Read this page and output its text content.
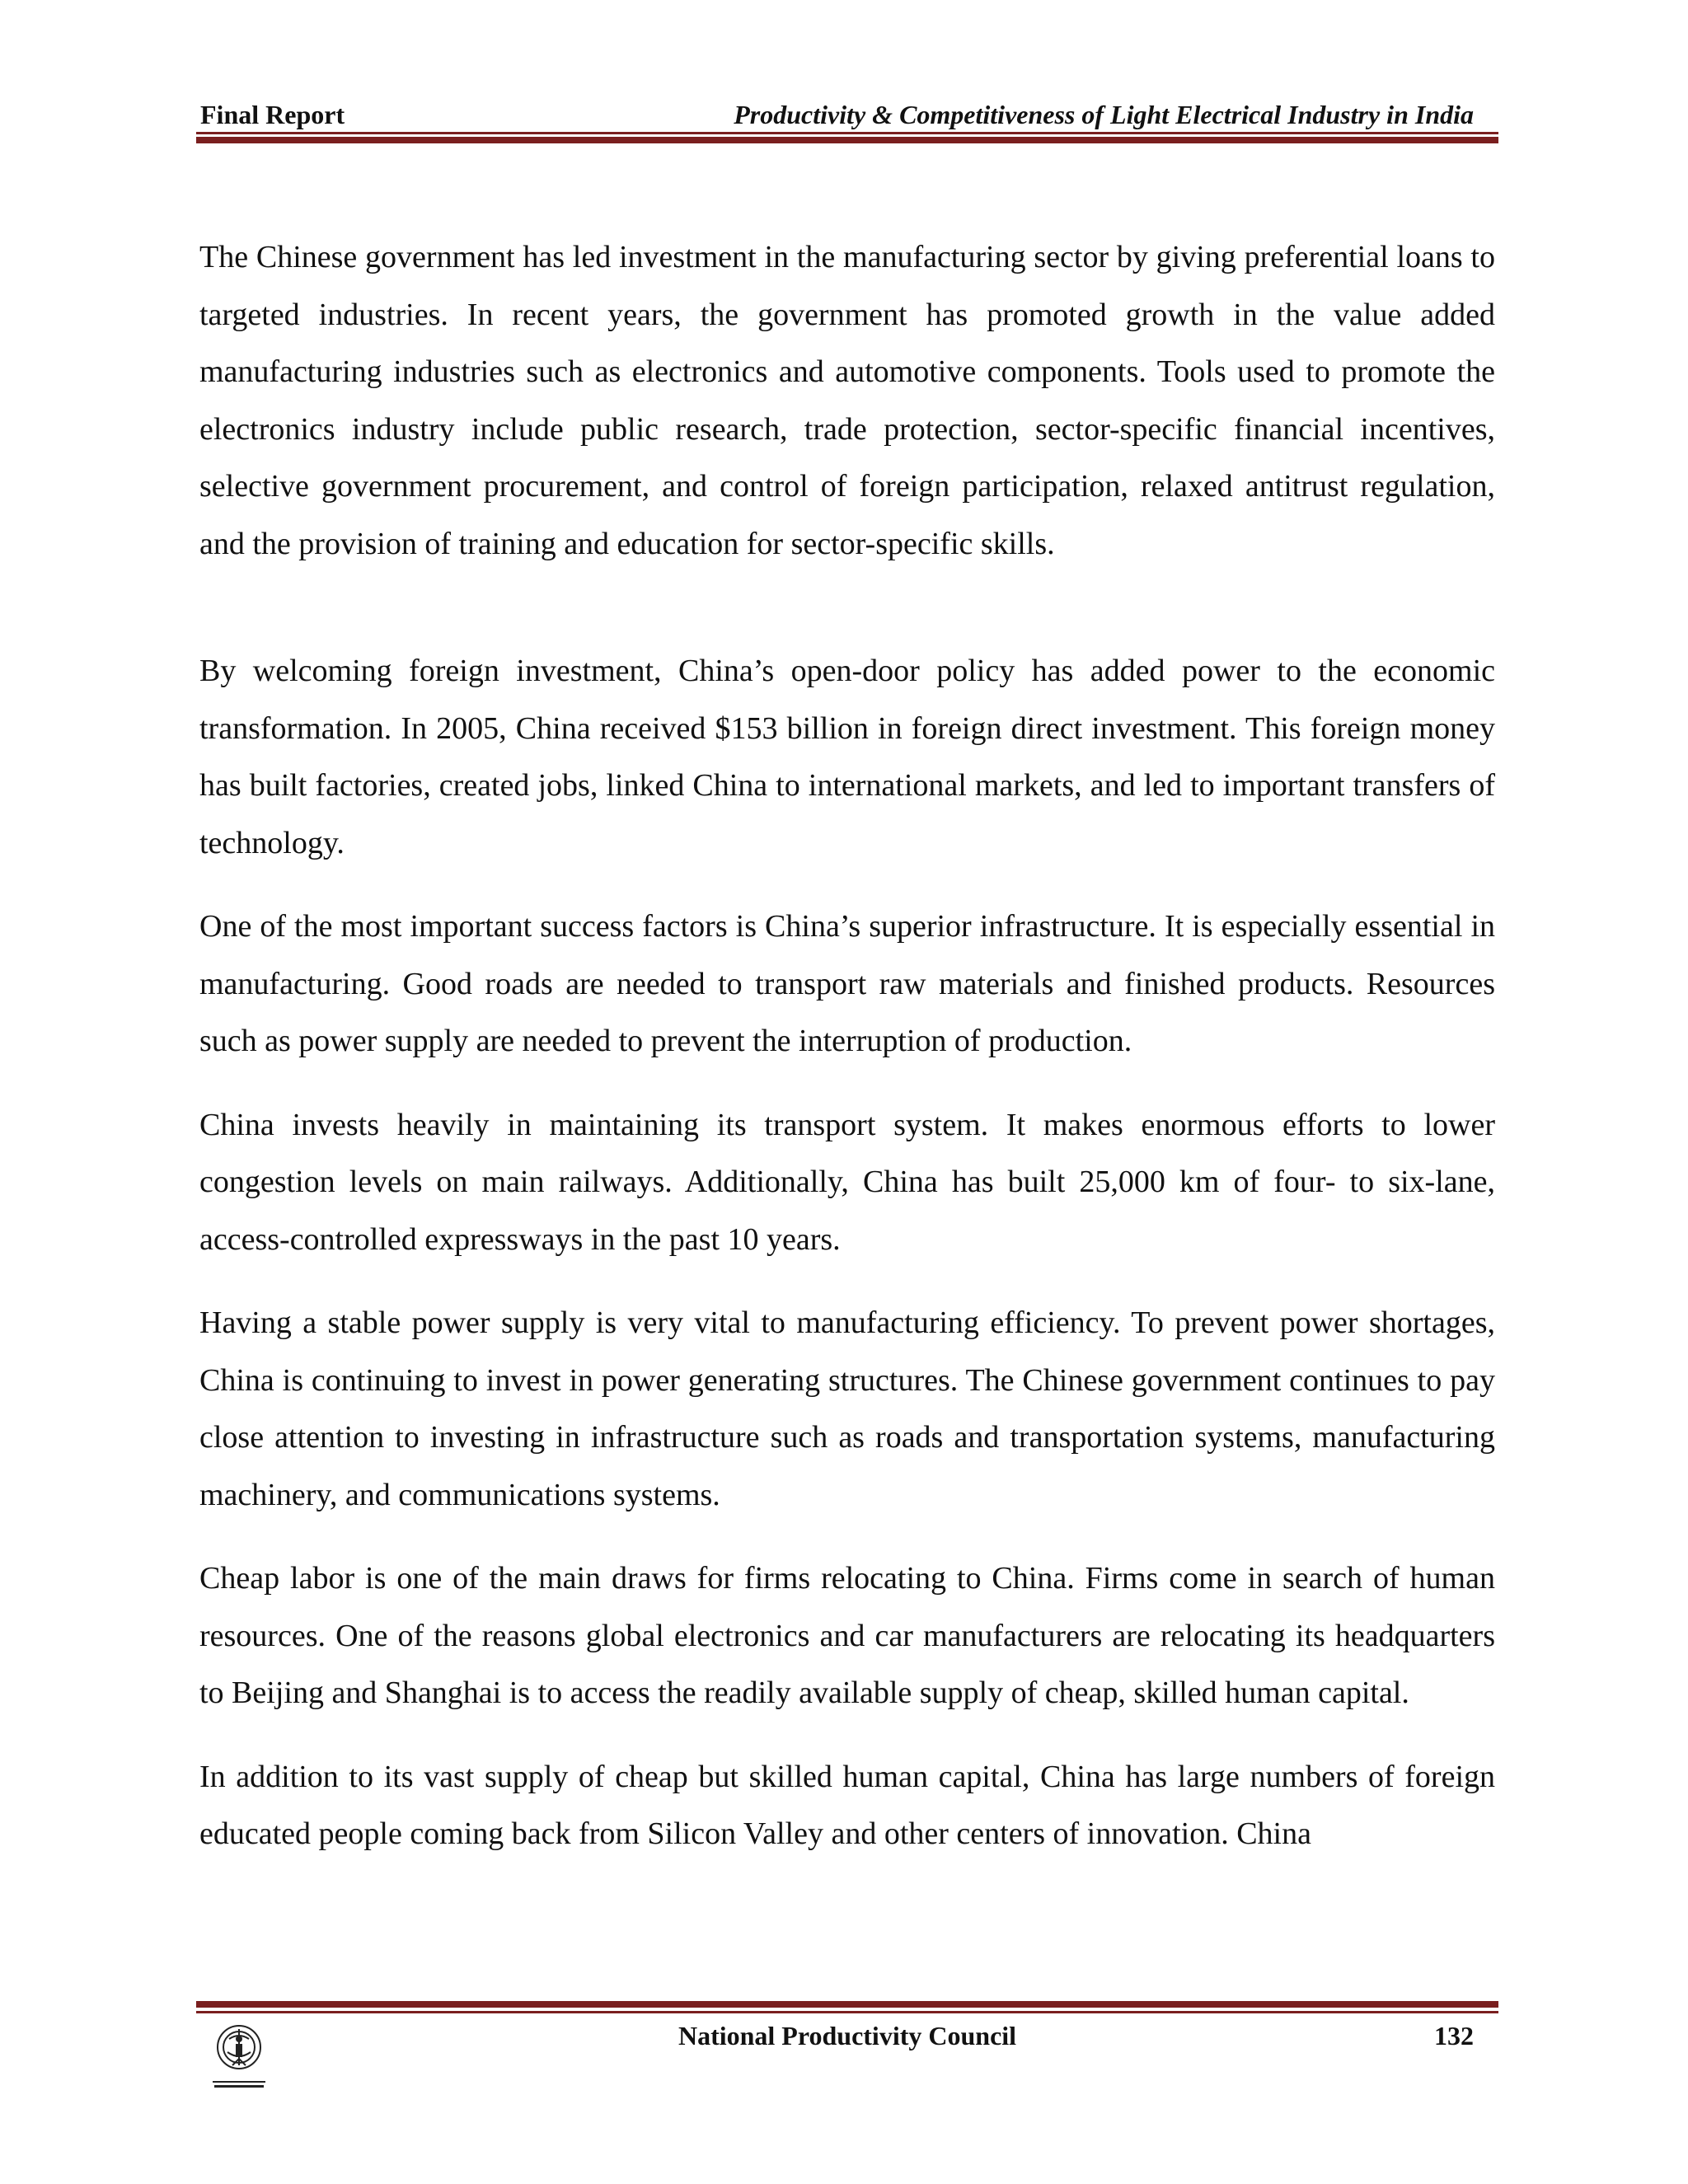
Final Report	Productivity & Competitiveness of Light Electrical Industry in India

The Chinese government has led investment in the manufacturing sector by giving preferential loans to targeted industries. In recent years, the government has promoted growth in the value added manufacturing industries such as electronics and automotive components. Tools used to promote the electronics industry include public research, trade protection, sector-specific financial incentives, selective government procurement, and control of foreign participation, relaxed antitrust regulation, and the provision of training and education for sector-specific skills.

By welcoming foreign investment, China’s open-door policy has added power to the economic transformation. In 2005, China received $153 billion in foreign direct investment. This foreign money has built factories, created jobs, linked China to international markets, and led to important transfers of technology.

One of the most important success factors is China’s superior infrastructure. It is especially essential in manufacturing. Good roads are needed to transport raw materials and finished products. Resources such as power supply are needed to prevent the interruption of production.

China invests heavily in maintaining its transport system. It makes enormous efforts to lower congestion levels on main railways. Additionally, China has built 25,000 km of four- to six-lane, access-controlled expressways in the past 10 years.

Having a stable power supply is very vital to manufacturing efficiency. To prevent power shortages, China is continuing to invest in power generating structures. The Chinese government continues to pay close attention to investing in infrastructure such as roads and transportation systems, manufacturing machinery, and communications systems.

Cheap labor is one of the main draws for firms relocating to China. Firms come in search of human resources. One of the reasons global electronics and car manufacturers are relocating its headquarters to Beijing and Shanghai is to access the readily available supply of cheap, skilled human capital.

In addition to its vast supply of cheap but skilled human capital, China has large numbers of foreign educated people coming back from Silicon Valley and other centers of innovation. China

National Productivity Council	132
